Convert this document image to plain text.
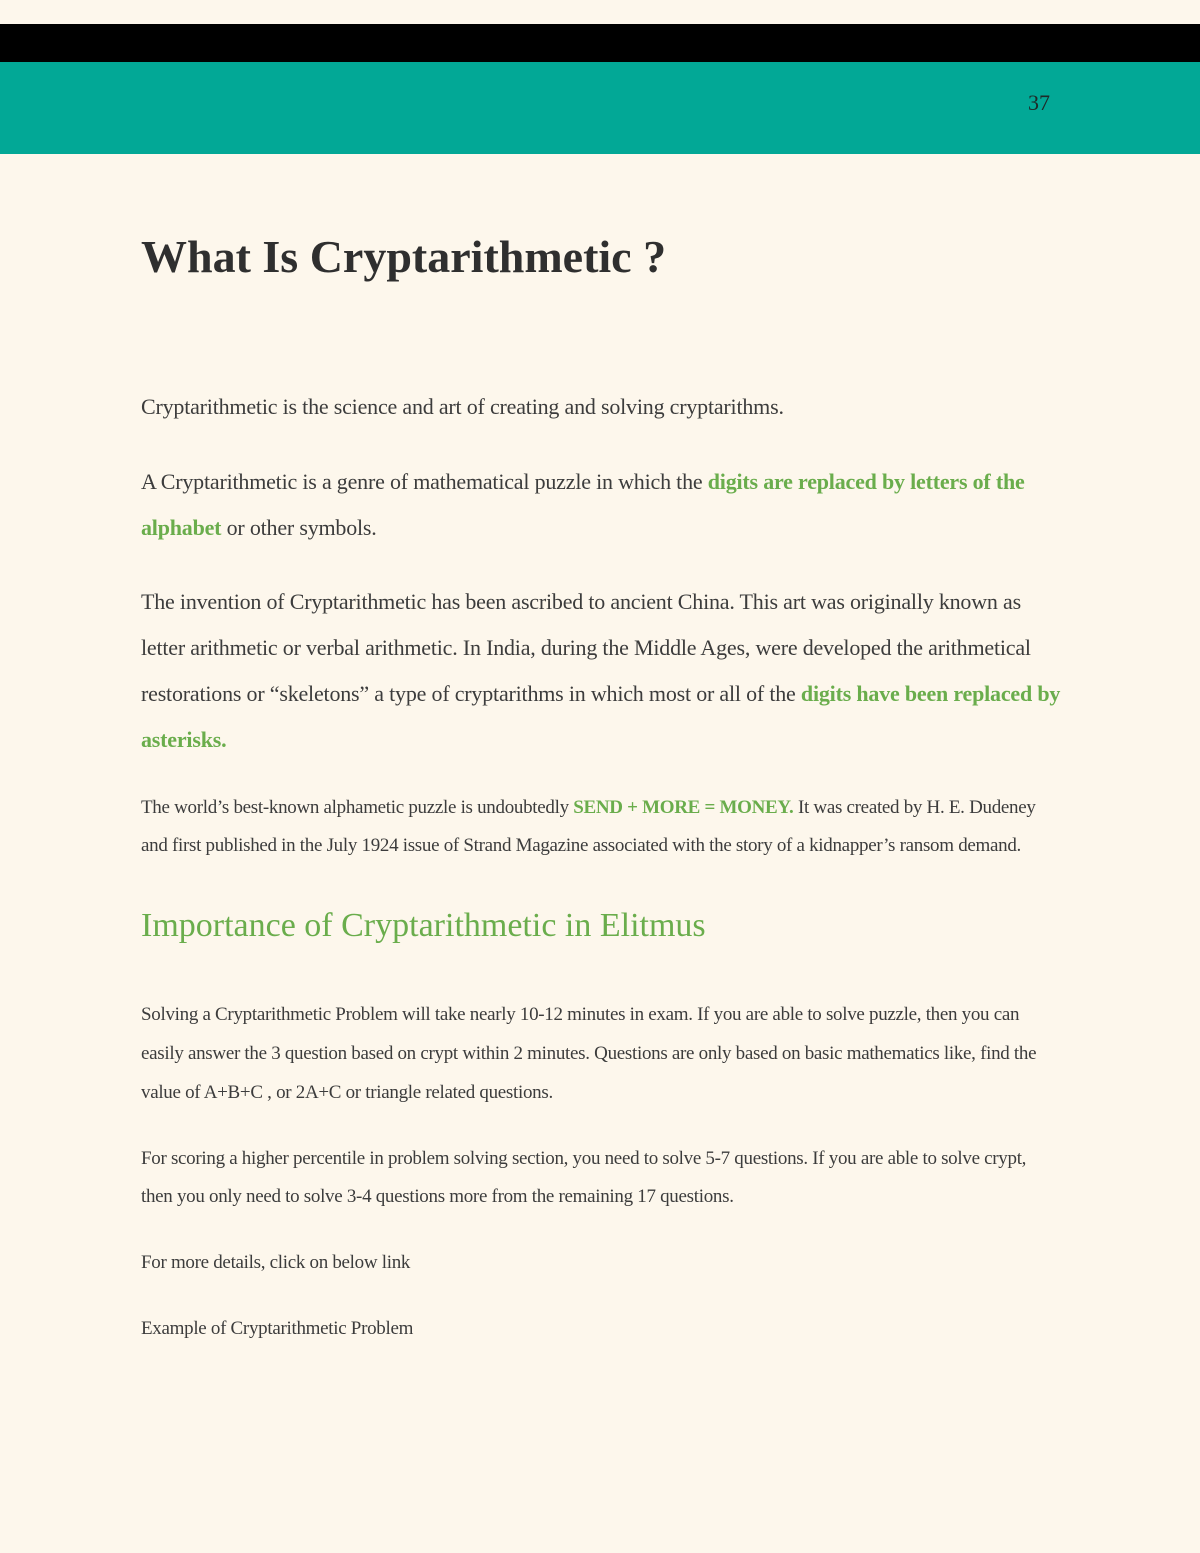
37
What Is Cryptarithmetic ?

Cryptarithmetic is the science and art of creating and solving cryptarithms.

A Cryptarithmetic is a genre of mathematical puzzle in which the digits are replaced by letters of the alphabet or other symbols.

The invention of Cryptarithmetic has been ascribed to ancient China. This art was originally known as letter arithmetic or verbal arithmetic. In India, during the Middle Ages, were developed the arithmetical restorations or “skeletons” a type of cryptarithms in which most or all of the digits have been replaced by asterisks.

The world’s best-known alphametic puzzle is undoubtedly SEND + MORE = MONEY. It was created by H. E. Dudeney and first published in the July 1924 issue of Strand Magazine associated with the story of a kidnapper’s ransom demand.

Importance of Cryptarithmetic in Elitmus

Solving a Cryptarithmetic Problem will take nearly 10-12 minutes in exam. If you are able to solve puzzle, then you can easily answer the 3 question based on crypt within 2 minutes. Questions are only based on basic mathematics like, find the value of A+B+C , or 2A+C or triangle related questions.

For scoring a higher percentile in problem solving section, you need to solve 5-7 questions. If you are able to solve crypt, then you only need to solve 3-4 questions more from the remaining 17 questions.

For more details, click on below link

Example of Cryptarithmetic Problem
